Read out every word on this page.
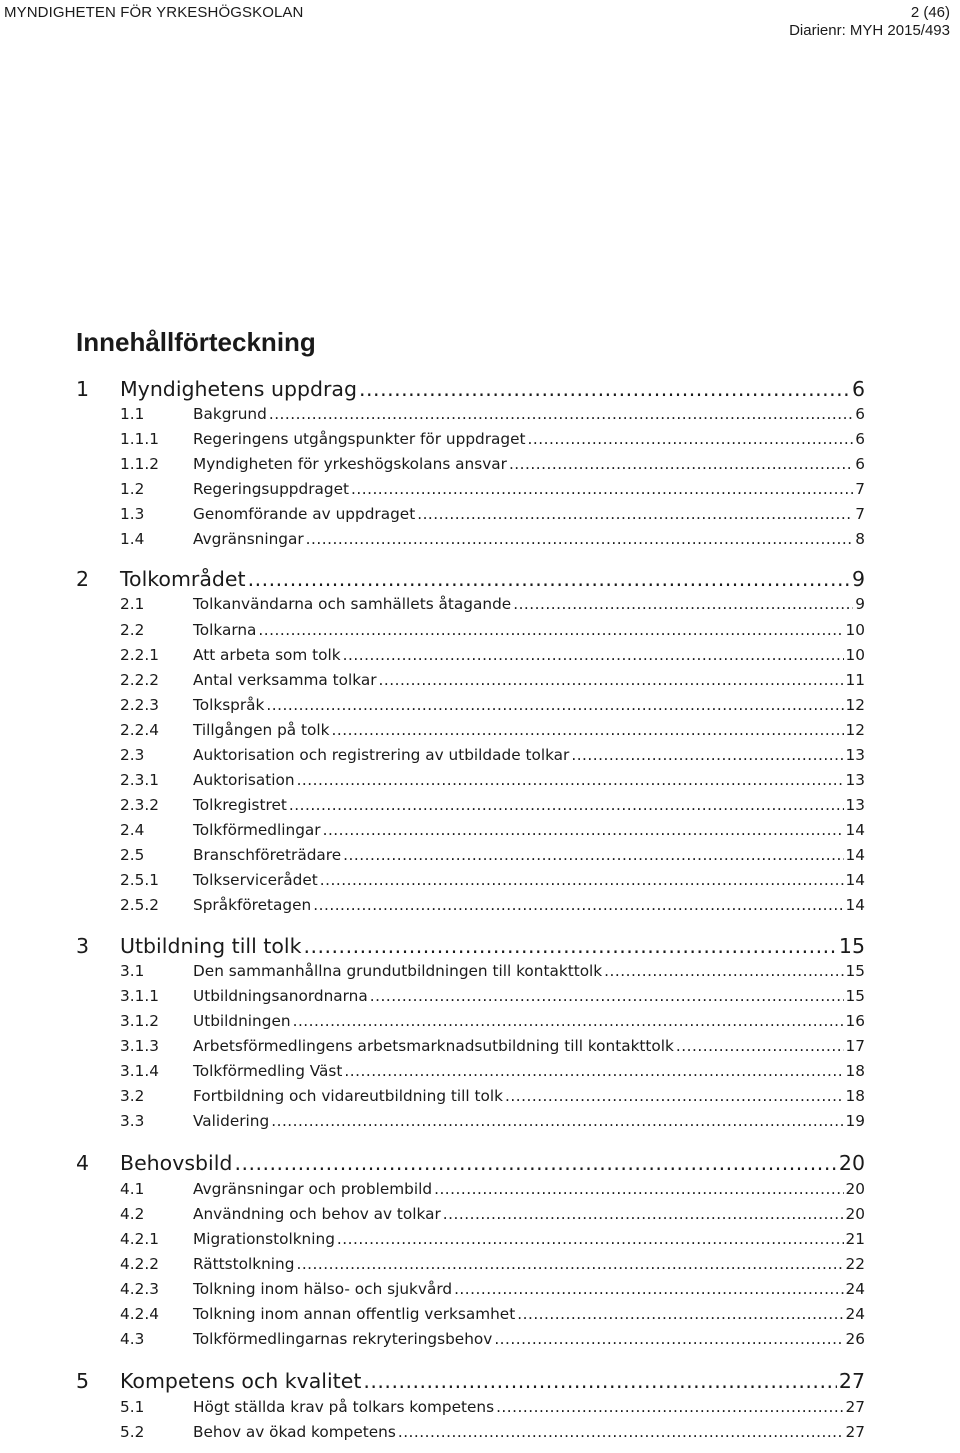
MYNDIGHETEN FÖR YRKESHÖGSKOLAN	2 (46)
Diarienr: MYH 2015/493
Innehållförteckning
1 Myndighetens uppdrag .....	6
1.1	Bakgrund .....	6
1.1.1 Regeringens utgångspunkter för uppdraget .....	6
1.1.2 Myndigheten för yrkeshögskolans ansvar .....	6
1.2	Regeringsuppdraget .....	7
1.3	Genomförande av uppdraget .....	7
1.4	Avgränsningar .....	8
2 Tolkområdet .....	9
2.1	Tolkanvändarna och samhällets åtagande .....	9
2.2	Tolkarna .....	10
2.2.1 Att arbeta som tolk .....	10
2.2.2 Antal verksamma tolkar .....	11
2.2.3 Tolkspråk .....	12
2.2.4 Tillgången på tolk .....	12
2.3	Auktorisation och registrering av utbildade tolkar .....	13
2.3.1 Auktorisation .....	13
2.3.2 Tolkregistret .....	13
2.4	Tolkförmedlingar .....	14
2.5	Branschföreträdare .....	14
2.5.1 Tolkservicerådet .....	14
2.5.2 Språkföretagen .....	14
3 Utbildning till tolk .....	15
3.1	Den sammanhållna grundutbildningen till kontakttolk .....	15
3.1.1 Utbildningsanordnarna .....	15
3.1.2 Utbildningen .....	16
3.1.3 Arbetsförmedlingens arbetsmarknadsutbildning till kontakttolk .....	17
3.1.4 Tolkförmedling Väst .....	18
3.2	Fortbildning och vidareutbildning till tolk .....	18
3.3	Validering .....	19
4 Behovsbild .....	20
4.1	Avgränsningar och problembild .....	20
4.2	Användning och behov av tolkar .....	20
4.2.1 Migrationstolkning .....	21
4.2.2 Rättstolkning .....	22
4.2.3 Tolkning inom hälso- och sjukvård .....	24
4.2.4 Tolkning inom annan offentlig verksamhet .....	24
4.3	Tolkförmedlingarnas rekryteringsbehov .....	26
5 Kompetens och kvalitet .....	27
5.1	Högt ställda krav på tolkars kompetens .....	27
5.2	Behov av ökad kompetens .....	27
